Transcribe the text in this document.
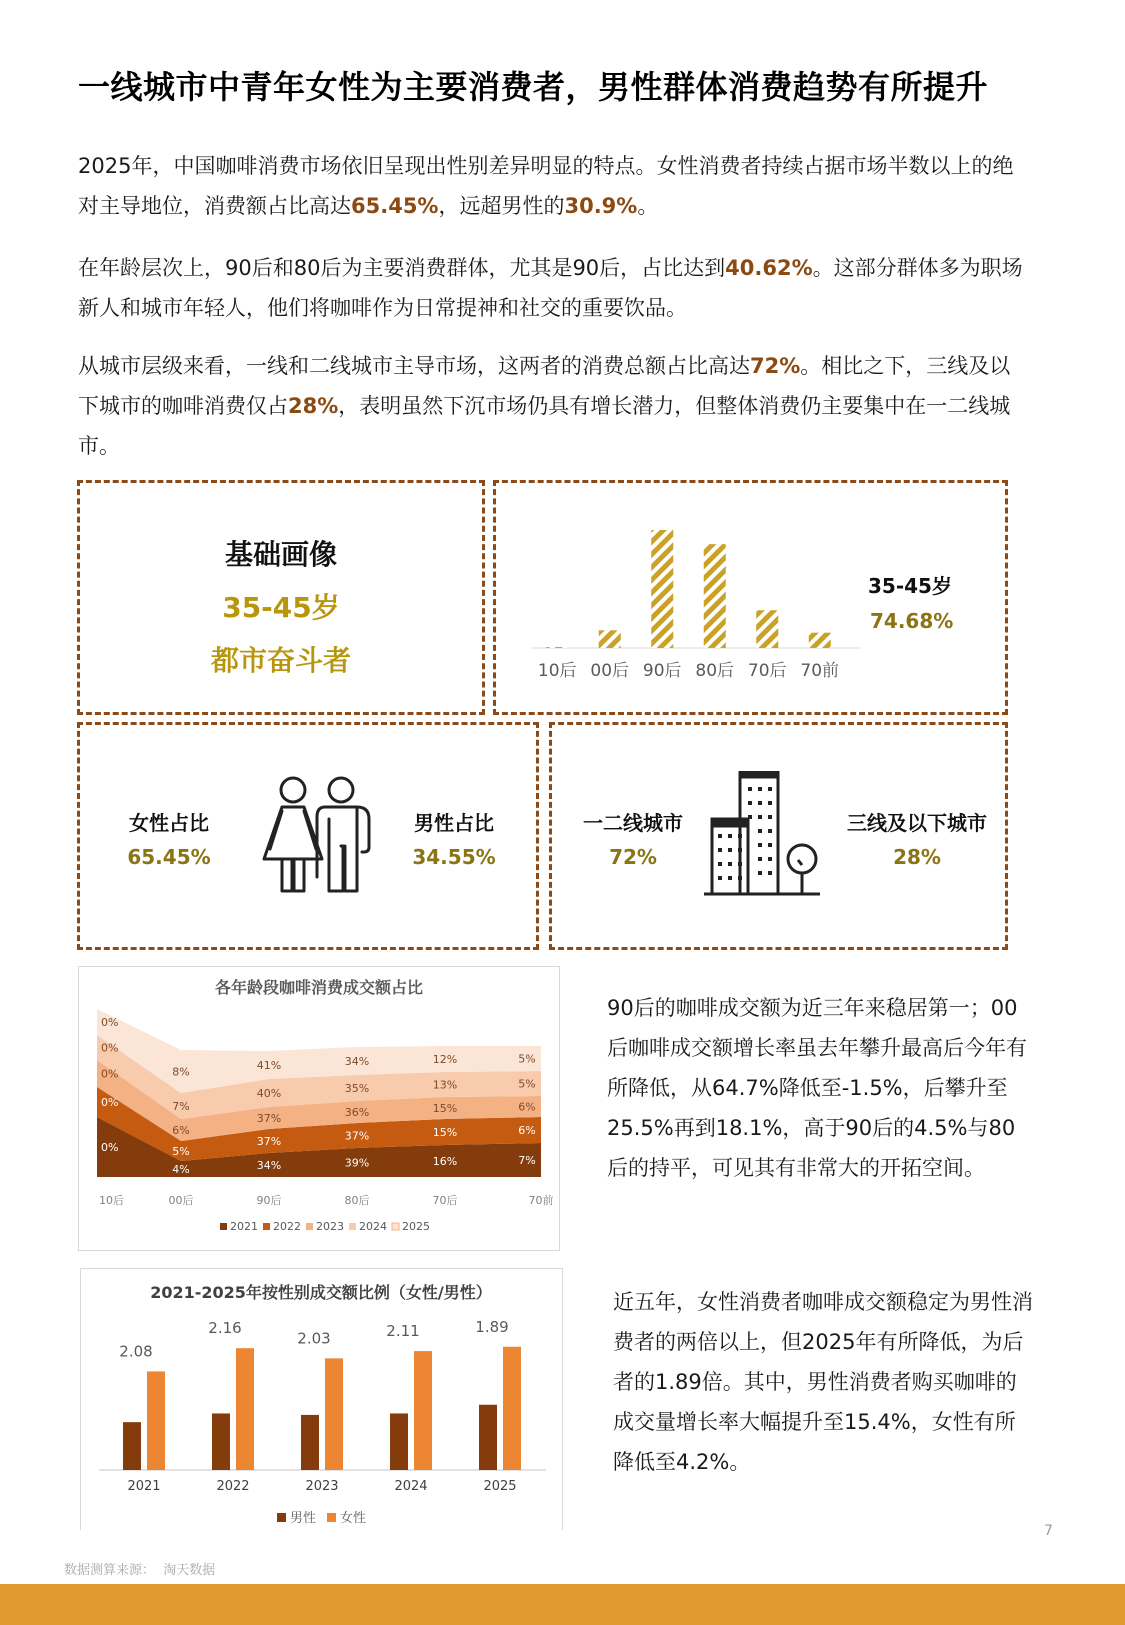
一线城市中青年女性为主要消费者，男性群体消费趋势有所提升

2025年，中国咖啡消费市场依旧呈现出性别差异明显的特点。女性消费者持续占据市场半数以上的绝对主导地位，消费额占比高达65.45%，远超男性的30.9%。

在年龄层次上，90后和80后为主要消费群体，尤其是90后，占比达到40.62%。这部分群体多为职场新人和城市年轻人，他们将咖啡作为日常提神和社交的重要饮品。

从城市层级来看，一线和二线城市主导市场，这两者的消费总额占比高达72%。相比之下，三线及以下城市的咖啡消费仅占28%，表明虽然下沉市场仍具有增长潜力，但整体消费仍主要集中在一二线城市。

基础画像
35-45岁
都市奋斗者	10后 00后 90后 80后 70后 70前
35-45岁
74.68%
女性占比
65.45%
男性占比
34.55%
一二线城市
72%
三线及以下城市
28%
各年龄段咖啡消费成交额占比
0%
4%	34%	39%	16%	7%
0%
5%
37%	37%	15%	6%
0%
6%
37%	36%	15%	6%
0%
7%
40%	35%	13%	5%
0%
8%	41%	34%	12%	5%
10后	00后	90后	80后	70后	70前
2021 2022 2023 2024 2025

90后的咖啡成交额为近三年来稳居第一；00后咖啡成交额增长率虽去年攀升最高后今年有所降低，从64.7%降低至-1.5%，后攀升至25.5%再到18.1%，高于90后的4.5%与80后的持平，可见其有非常大的开拓空间。

2021-2025年按性别成交额比例（女性/男性）
2.08
2021
2.16
2022
2.03
2023
2.11
2024
1.89
2025
男性 女性

近五年，女性消费者咖啡成交额稳定为男性消费者的两倍以上，但2025年有所降低，为后者的1.89倍。其中，男性消费者购买咖啡的成交量增长率大幅提升至15.4%，女性有所降低至4.2%。

7
数据测算来源：  淘天数据
